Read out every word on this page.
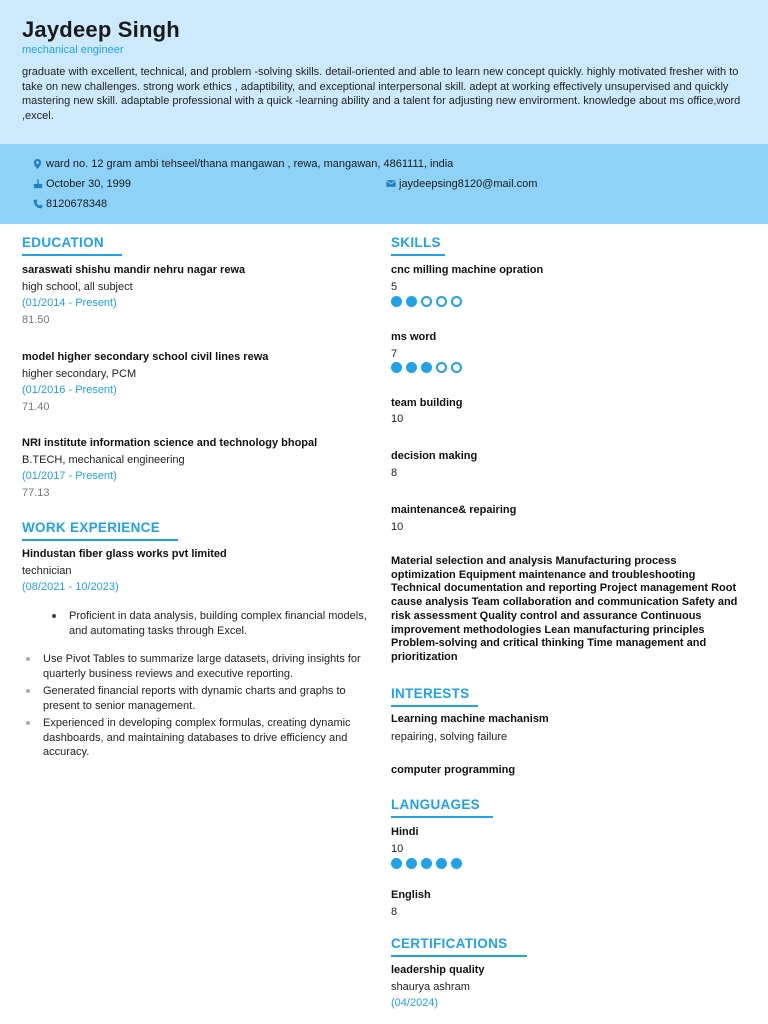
Jaydeep Singh
mechanical engineer
graduate with excellent, technical, and problem -solving skills. detail-oriented and able to learn new concept quickly. highly motivated fresher with to take on new challenges. strong work ethics , adaptibility, and exceptional interpersonal skill. adept at working effectively unsupervised and quickly mastering new skill. adaptable professional with a quick -learning ability and a talent for adjusting new envirorment. knowledge about ms office,word ,excel.
ward no. 12 gram ambi tehseel/thana mangawan , rewa, mangawan, 4861111, india
October 30, 1999	jaydeepsing8120@mail.com
8120678348
EDUCATION
saraswati shishu mandir nehru nagar rewa
high school, all subject
(01/2014 - Present)
81.50
model higher secondary school civil lines rewa
higher secondary, PCM
(01/2016 - Present)
71.40
NRI institute information science and technology bhopal
B.TECH, mechanical engineering
(01/2017 - Present)
77.13
WORK EXPERIENCE
Hindustan fiber glass works pvt limited
technician
(08/2021 - 10/2023)
Proficient in data analysis, building complex financial models, and automating tasks through Excel.
Use Pivot Tables to summarize large datasets, driving insights for quarterly business reviews and executive reporting.
Generated financial reports with dynamic charts and graphs to present to senior management.
Experienced in developing complex formulas, creating dynamic dashboards, and maintaining databases to drive efficiency and accuracy.
SKILLS
cnc milling machine opration
5
ms word
7
team building
10
decision making
8
maintenance& repairing
10
Material selection and analysis Manufacturing process optimization Equipment maintenance and troubleshooting Technical documentation and reporting Project management Root cause analysis Team collaboration and communication Safety and risk assessment Quality control and assurance Continuous improvement methodologies Lean manufacturing principles Problem-solving and critical thinking Time management and prioritization
INTERESTS
Learning machine machanism
repairing, solving failure
computer programming
LANGUAGES
Hindi
10
English
8
CERTIFICATIONS
leadership quality
shaurya ashram
(04/2024)
